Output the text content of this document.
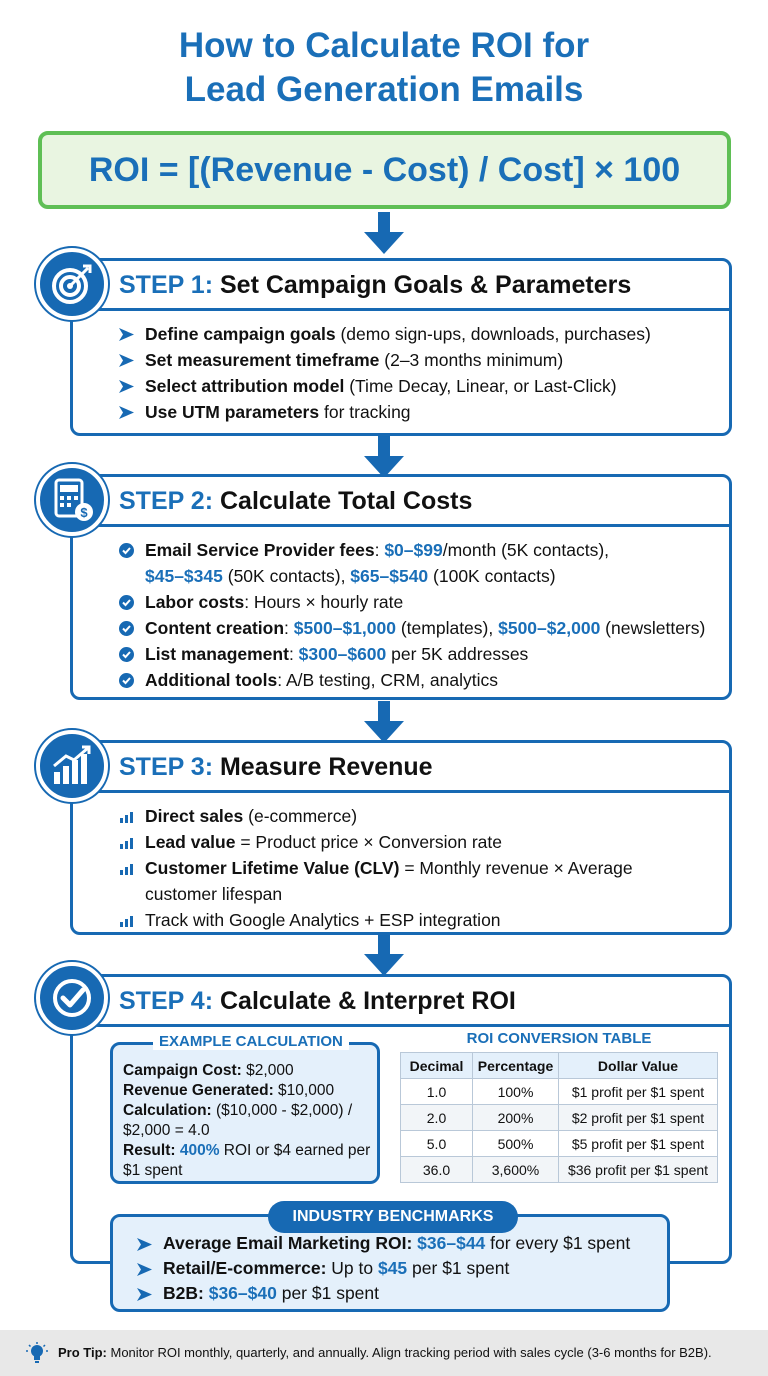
How to Calculate ROI for
Lead Generation Emails
ROI = [(Revenue - Cost) / Cost] × 100
STEP 1: Set Campaign Goals & Parameters
Define campaign goals (demo sign-ups, downloads, purchases)
Set measurement timeframe (2–3 months minimum)
Select attribution model (Time Decay, Linear, or Last-Click)
Use UTM parameters for tracking
STEP 2: Calculate Total Costs
Email Service Provider fees: $0–$99/month (5K contacts),
$45–$345 (50K contacts), $65–$540 (100K contacts)
Labor costs: Hours × hourly rate
Content creation: $500–$1,000 (templates), $500–$2,000 (newsletters)
List management: $300–$600 per 5K addresses
Additional tools: A/B testing, CRM, analytics
$
STEP 3: Measure Revenue
Direct sales (e-commerce)
Lead value = Product price × Conversion rate
Customer Lifetime Value (CLV) = Monthly revenue × Average
customer lifespan
Track with Google Analytics + ESP integration
STEP 4: Calculate & Interpret ROI
EXAMPLE CALCULATION
Campaign Cost: $2,000
Revenue Generated: $10,000
Calculation: ($10,000 - $2,000) /
$2,000 = 4.0
Result: 400% ROI or $4 earned per
$1 spent
ROI CONVERSION TABLE
Decimal	Percentage	Dollar Value
1.0	100%	$1 profit per $1 spent
2.0	200%	$2 profit per $1 spent
5.0	500%	$5 profit per $1 spent
36.0	3,600%	$36 profit per $1 spent
INDUSTRY BENCHMARKS
Average Email Marketing ROI: $36–$44 for every $1 spent
Retail/E-commerce: Up to $45 per $1 spent
B2B: $36–$40 per $1 spent
Pro Tip: Monitor ROI monthly, quarterly, and annually. Align tracking period with sales cycle (3-6 months for B2B).
